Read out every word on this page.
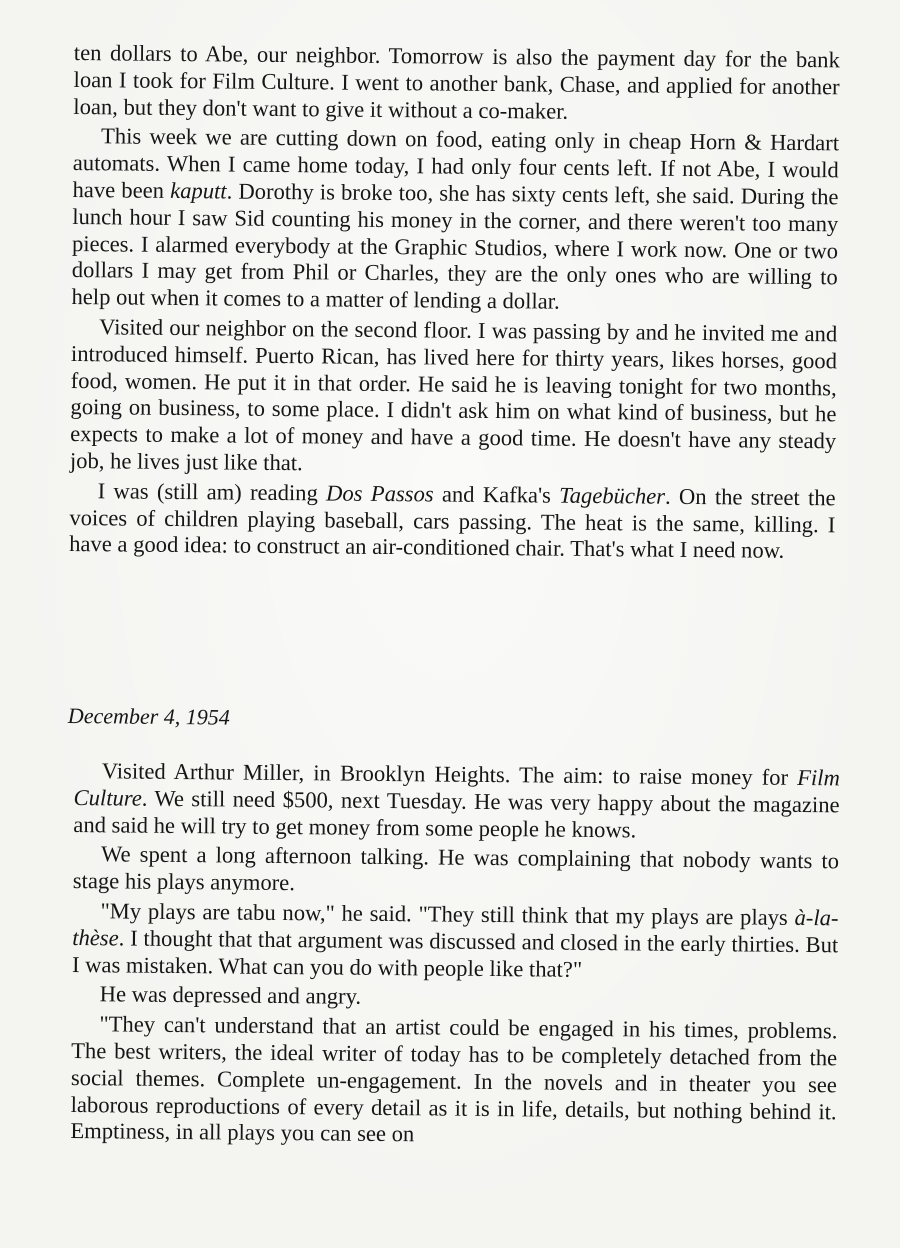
ten dollars to Abe, our neighbor. Tomorrow is also the payment day for the bank loan I took for Film Culture. I went to another bank, Chase, and applied for another loan, but they don't want to give it without a co-maker.

This week we are cutting down on food, eating only in cheap Horn & Hardart automats. When I came home today, I had only four cents left. If not Abe, I would have been kaputt. Dorothy is broke too, she has sixty cents left, she said. During the lunch hour I saw Sid counting his money in the corner, and there weren't too many pieces. I alarmed everybody at the Graphic Studios, where I work now. One or two dollars I may get from Phil or Charles, they are the only ones who are willing to help out when it comes to a matter of lending a dollar.

Visited our neighbor on the second floor. I was passing by and he invited me and introduced himself. Puerto Rican, has lived here for thirty years, likes horses, good food, women. He put it in that order. He said he is leaving tonight for two months, going on business, to some place. I didn't ask him on what kind of business, but he expects to make a lot of money and have a good time. He doesn't have any steady job, he lives just like that.

I was (still am) reading Dos Passos and Kafka's Tagebücher. On the street the voices of children playing baseball, cars passing. The heat is the same, killing. I have a good idea: to construct an air-conditioned chair. That's what I need now.

December 4, 1954

Visited Arthur Miller, in Brooklyn Heights. The aim: to raise money for Film Culture. We still need $500, next Tuesday. He was very happy about the magazine and said he will try to get money from some people he knows.

We spent a long afternoon talking. He was complaining that nobody wants to stage his plays anymore.

"My plays are tabu now," he said. "They still think that my plays are plays à-la-thèse. I thought that that argument was discussed and closed in the early thirties. But I was mistaken. What can you do with people like that?"

He was depressed and angry.

"They can't understand that an artist could be engaged in his times, problems. The best writers, the ideal writer of today has to be completely detached from the social themes. Complete un-engagement. In the novels and in theater you see laborous reproductions of every detail as it is in life, details, but nothing behind it. Emptiness, in all plays you can see on
